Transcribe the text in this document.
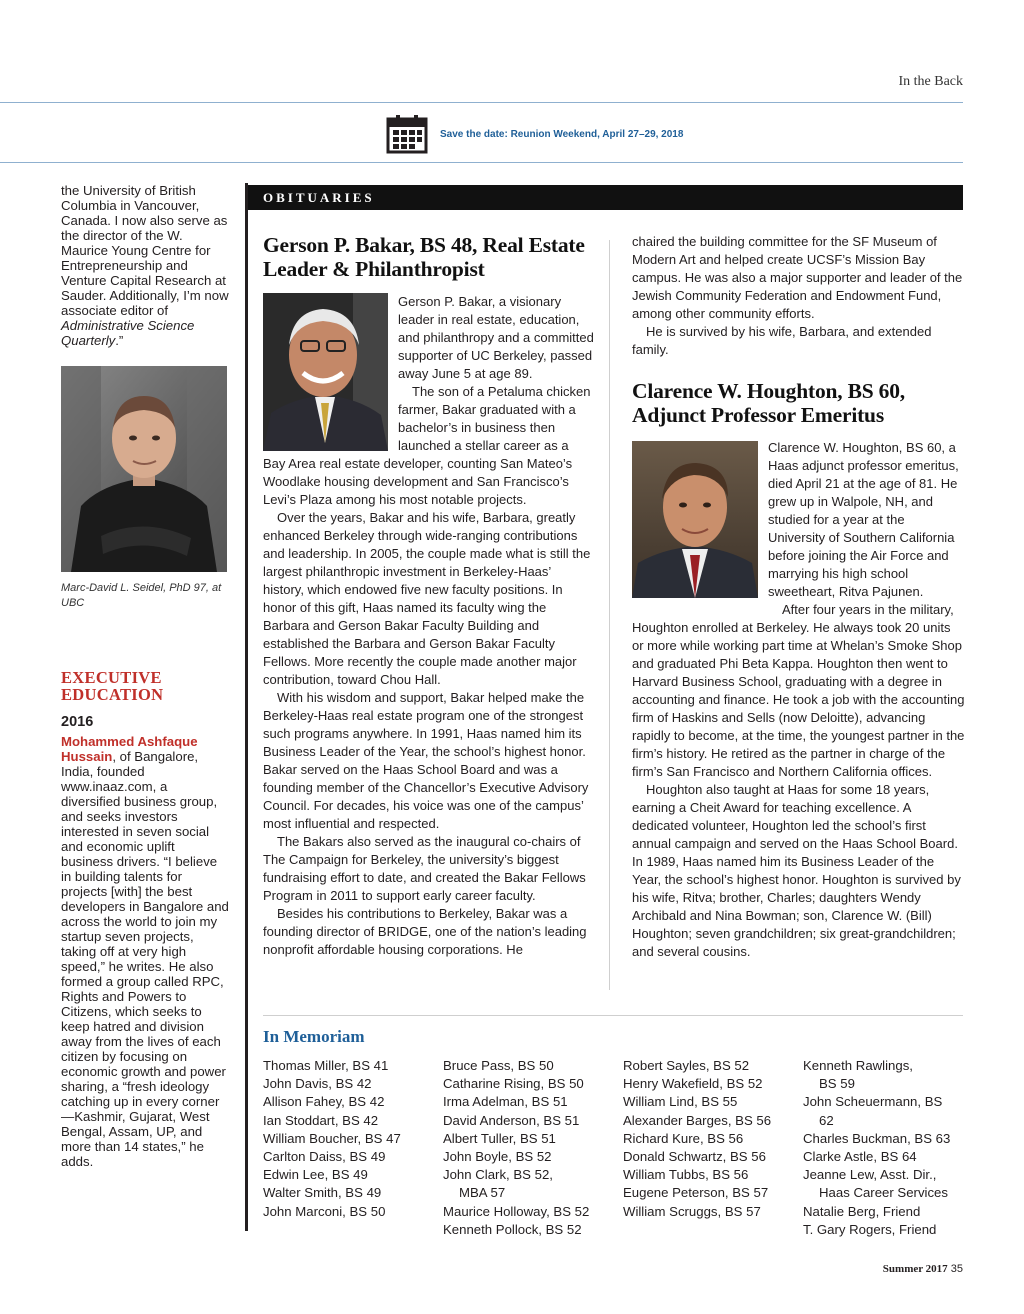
In the Back
Save the date: Reunion Weekend, April 27–29, 2018
the University of British Columbia in Vancouver, Canada. I now also serve as the director of the W. Maurice Young Centre for Entrepreneurship and Venture Capital Research at Sauder. Additionally, I’m now associate editor of Administrative Science Quarterly.”
Marc-David L. Seidel, PhD 97, at UBC
EXECUTIVE EDUCATION
2016
Mohammed Ashfaque Hussain, of Bangalore, India, founded www.inaaz.com, a diversified business group, and seeks investors interested in seven social and economic uplift business drivers. “I believe in building talents for projects [with] the best developers in Bangalore and across the world to join my startup seven projects, taking off at very high speed,” he writes. He also formed a group called RPC, Rights and Powers to Citizens, which seeks to keep hatred and division away from the lives of each citizen by focusing on economic growth and power sharing, a “fresh ideology catching up in every corner—Kashmir, Gujarat, West Bengal, Assam, UP, and more than 14 states,” he adds.
OBITUARIES
Gerson P. Bakar, BS 48, Real Estate Leader & Philanthropist

Gerson P. Bakar, a visionary leader in real estate, education, and philanthropy and a committed supporter of UC Berkeley, passed away June 5 at age 89.

The son of a Petaluma chicken farmer, Bakar graduated with a bachelor’s in business then launched a stellar career as a Bay Area real estate developer, counting San Mateo’s Woodlake housing development and San Francisco’s Levi’s Plaza among his most notable projects.

Over the years, Bakar and his wife, Barbara, greatly enhanced Berkeley through wide-ranging contributions and leadership. In 2005, the couple made what is still the largest philanthropic investment in Berkeley-Haas’ history, which endowed five new faculty positions. In honor of this gift, Haas named its faculty wing the Barbara and Gerson Bakar Faculty Building and established the Barbara and Gerson Bakar Faculty Fellows. More recently the couple made another major contribution, toward Chou Hall.

With his wisdom and support, Bakar helped make the Berkeley-Haas real estate program one of the strongest such programs anywhere. In 1991, Haas named him its Business Leader of the Year, the school’s highest honor. Bakar served on the Haas School Board and was a founding member of the Chancellor’s Executive Advisory Council. For decades, his voice was one of the campus’ most influential and respected.

The Bakars also served as the inaugural co-chairs of The Campaign for Berkeley, the university’s biggest fundraising effort to date, and created the Bakar Fellows Program in 2011 to support early career faculty.

Besides his contributions to Berkeley, Bakar was a founding director of BRIDGE, one of the nation’s leading nonprofit affordable housing corporations. He

chaired the building committee for the SF Museum of Modern Art and helped create UCSF’s Mission Bay campus. He was also a major supporter and leader of the Jewish Community Federation and Endowment Fund, among other community efforts.

He is survived by his wife, Barbara, and extended family.

Clarence W. Houghton, BS 60, Adjunct Professor Emeritus

Clarence W. Houghton, BS 60, a Haas adjunct professor emeritus, died April 21 at the age of 81. He grew up in Walpole, NH, and studied for a year at the University of Southern California before joining the Air Force and marrying his high school sweetheart, Ritva Pajunen.

After four years in the military, Houghton enrolled at Berkeley. He always took 20 units or more while working part time at Whelan’s Smoke Shop and graduated Phi Beta Kappa. Houghton then went to Harvard Business School, graduating with a degree in accounting and finance. He took a job with the accounting firm of Haskins and Sells (now Deloitte), advancing rapidly to become, at the time, the youngest partner in the firm’s history. He retired as the partner in charge of the firm’s San Francisco and Northern California offices.

Houghton also taught at Haas for some 18 years, earning a Cheit Award for teaching excellence. A dedicated volunteer, Houghton led the school’s first annual campaign and served on the Haas School Board. In 1989, Haas named him its Business Leader of the Year, the school’s highest honor. Houghton is survived by his wife, Ritva; brother, Charles; daughters Wendy Archibald and Nina Bowman; son, Clarence W. (Bill) Houghton; seven grandchildren; six great-grandchildren; and several cousins.

In Memoriam
Thomas Miller, BS 41
John Davis, BS 42
Allison Fahey, BS 42
Ian Stoddart, BS 42
William Boucher, BS 47
Carlton Daiss, BS 49
Edwin Lee, BS 49
Walter Smith, BS 49
John Marconi, BS 50
Bruce Pass, BS 50
Catharine Rising, BS 50
Irma Adelman, BS 51
David Anderson, BS 51
Albert Tuller, BS 51
John Boyle, BS 52
John Clark, BS 52, MBA 57
Maurice Holloway, BS 52
Kenneth Pollock, BS 52
Robert Sayles, BS 52
Henry Wakefield, BS 52
William Lind, BS 55
Alexander Barges, BS 56
Richard Kure, BS 56
Donald Schwartz, BS 56
William Tubbs, BS 56
Eugene Peterson, BS 57
William Scruggs, BS 57
Kenneth Rawlings, BS 59
John Scheuermann, BS 62
Charles Buckman, BS 63
Clarke Astle, BS 64
Jeanne Lew, Asst. Dir., Haas Career Services
Natalie Berg, Friend
T. Gary Rogers, Friend
Summer 2017 35
